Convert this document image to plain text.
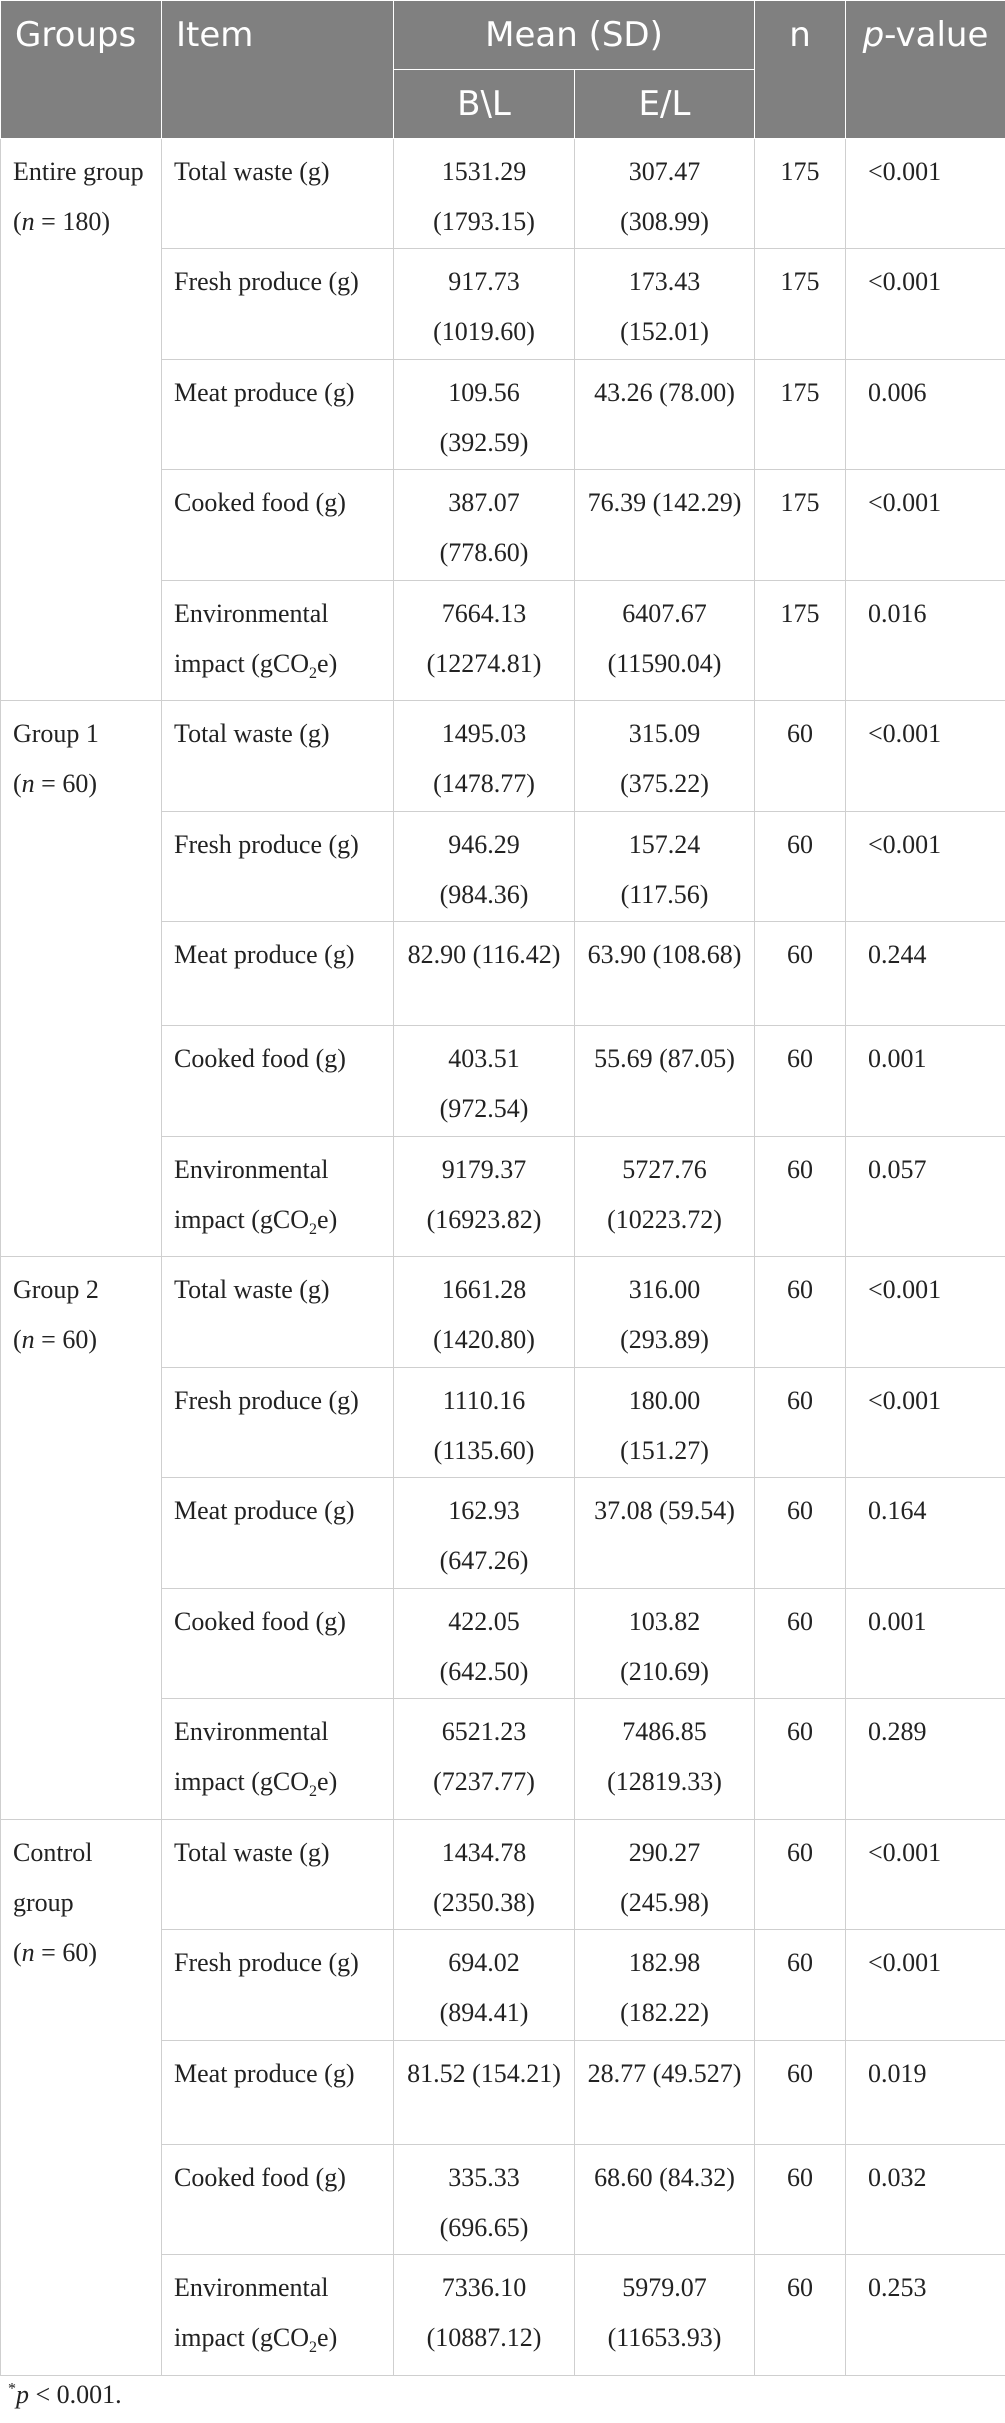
Groups	Item	Mean (SD)		n	p-value
		B\L	E/L		
Entire group
(n = 180)	Total waste (g)	1531.29 (1793.15)	307.47 (308.99)	175	<0.001
	Fresh produce (g)	917.73 (1019.60)	173.43 (152.01)	175	<0.001
	Meat produce (g)	109.56 (392.59)	43.26 (78.00)	175	0.006
	Cooked food (g)	387.07 (778.60)	76.39 (142.29)	175	<0.001
	Environmental impact (gCO$_2$e)	7664.13 (12274.81)	6407.67 (11590.04)	175	0.016
Group 1
(n = 60)	Total waste (g)	1495.03 (1478.77)	315.09 (375.22)	60	<0.001
	Fresh produce (g)	946.29 (984.36)	157.24 (117.56)	60	<0.001
	Meat produce (g)	82.90 (116.42)	63.90 (108.68)	60	0.244
	Cooked food (g)	403.51 (972.54)	55.69 (87.05)	60	0.001
	Environmental impact (gCO$_2$e)	9179.37 (16923.82)	5727.76 (10223.72)	60	0.057
Group 2
(n = 60)	Total waste (g)	1661.28 (1420.80)	316.00 (293.89)	60	<0.001
	Fresh produce (g)	1110.16 (1135.60)	180.00 (151.27)	60	<0.001
	Meat produce (g)	162.93 (647.26)	37.08 (59.54)	60	0.164
	Cooked food (g)	422.05 (642.50)	103.82 (210.69)	60	0.001
	Environmental impact (gCO$_2$e)	6521.23 (7237.77)	7486.85 (12819.33)	60	0.289
Control group
(n = 60)	Total waste (g)	1434.78 (2350.38)	290.27 (245.98)	60	<0.001
	Fresh produce (g)	694.02 (894.41)	182.98 (182.22)	60	<0.001
	Meat produce (g)	81.52 (154.21)	28.77 (49.527)	60	0.019
	Cooked food (g)	335.33 (696.65)	68.60 (84.32)	60	0.032
	Environmental impact (gCO$_2$e)	7336.10 (10887.12)	5979.07 (11653.93)	60	0.253
*p < 0.001.
